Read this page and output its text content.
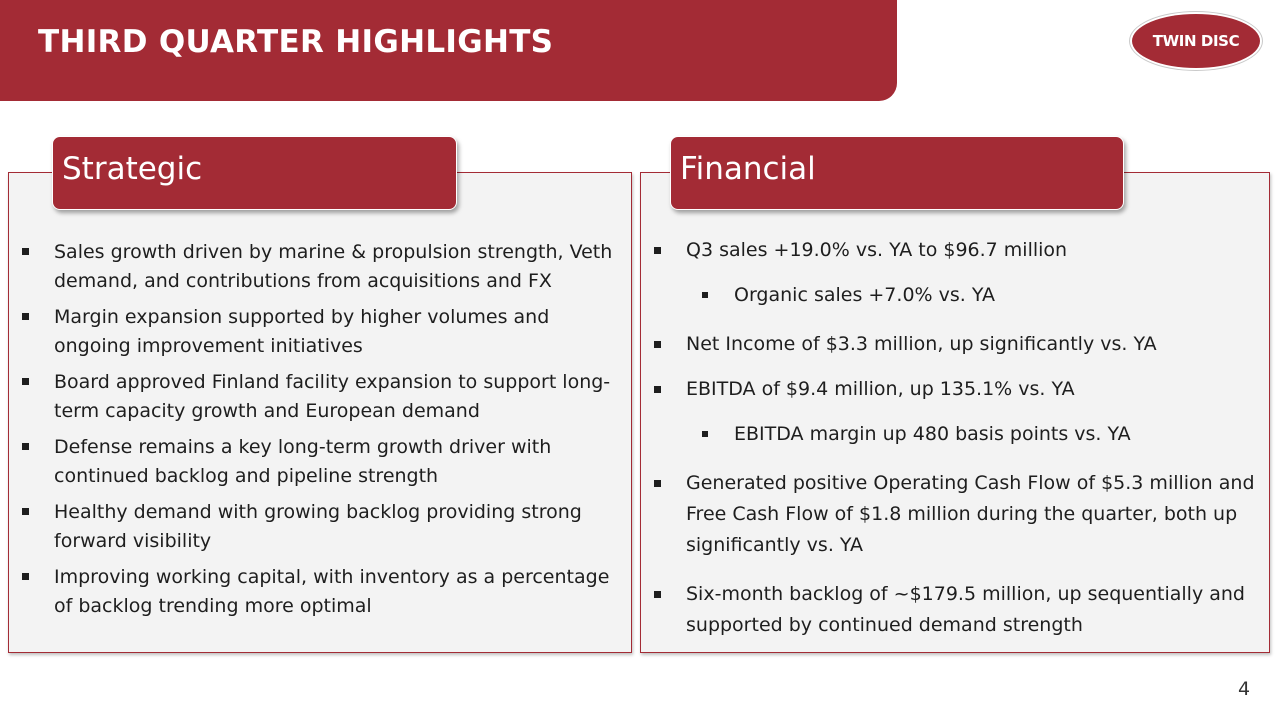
THIRD QUARTER HIGHLIGHTS	TWIN DISC
Strategic	Financial
Sales growth driven by marine & propulsion strength, Veth demand, and contributions from acquisitions and FX
Margin expansion supported by higher volumes and ongoing improvement initiatives
Board approved Finland facility expansion to support long-term capacity growth and European demand
Defense remains a key long-term growth driver with continued backlog and pipeline strength
Healthy demand with growing backlog providing strong forward visibility
Improving working capital, with inventory as a percentage of backlog trending more optimal
Q3 sales +19.0% vs. YA to $96.7 million
Organic sales +7.0% vs. YA
Net Income of $3.3 million, up significantly vs. YA
EBITDA of $9.4 million, up 135.1% vs. YA
EBITDA margin up 480 basis points vs. YA
Generated positive Operating Cash Flow of $5.3 million and Free Cash Flow of $1.8 million during the quarter, both up significantly vs. YA
Six-month backlog of ~$179.5 million, up sequentially and supported by continued demand strength
4
